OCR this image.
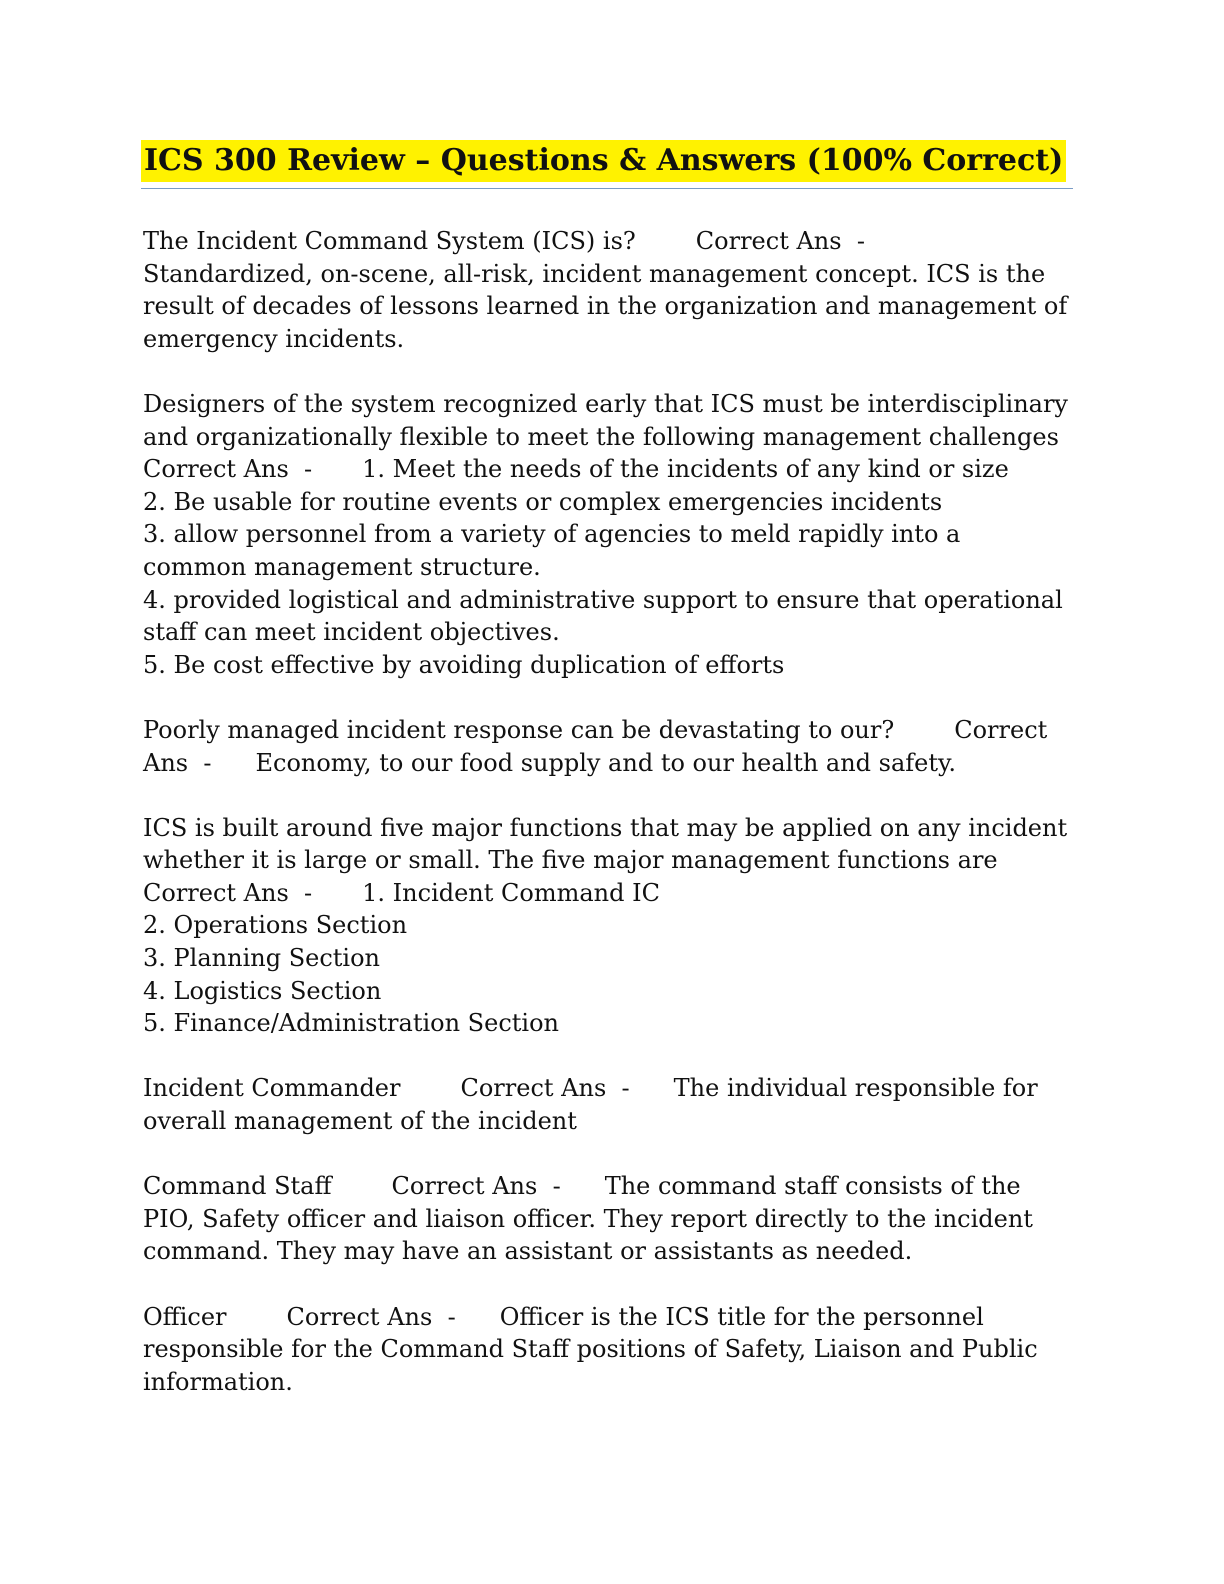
ICS 300 Review – Questions & Answers (100% Correct)
The Incident Command System (ICS) is?	Correct Ans  -
Standardized, on-scene, all-risk, incident management concept. ICS is the
result of decades of lessons learned in the organization and management of
emergency incidents.
Designers of the system recognized early that ICS must be interdisciplinary
and organizationally flexible to meet the following management challenges
Correct Ans  - 1. Meet the needs of the incidents of any kind or size
2. Be usable for routine events or complex emergencies incidents
3. allow personnel from a variety of agencies to meld rapidly into a
common management structure.
4. provided logistical and administrative support to ensure that operational
staff can meet incident objectives.
5. Be cost effective by avoiding duplication of efforts
Poorly managed incident response can be devastating to our?	Correct
Ans  - Economy, to our food supply and to our health and safety.
ICS is built around five major functions that may be applied on any incident
whether it is large or small. The five major management functions are
Correct Ans  - 1. Incident Command IC
2. Operations Section
3. Planning Section
4. Logistics Section
5. Finance/Administration Section
Incident Commander	Correct Ans  - The individual responsible for
overall management of the incident
Command Staff	Correct Ans  - The command staff consists of the
PIO, Safety officer and liaison officer. They report directly to the incident
command. They may have an assistant or assistants as needed.
Officer	Correct Ans  - Officer is the ICS title for the personnel
responsible for the Command Staff positions of Safety, Liaison and Public
information.
